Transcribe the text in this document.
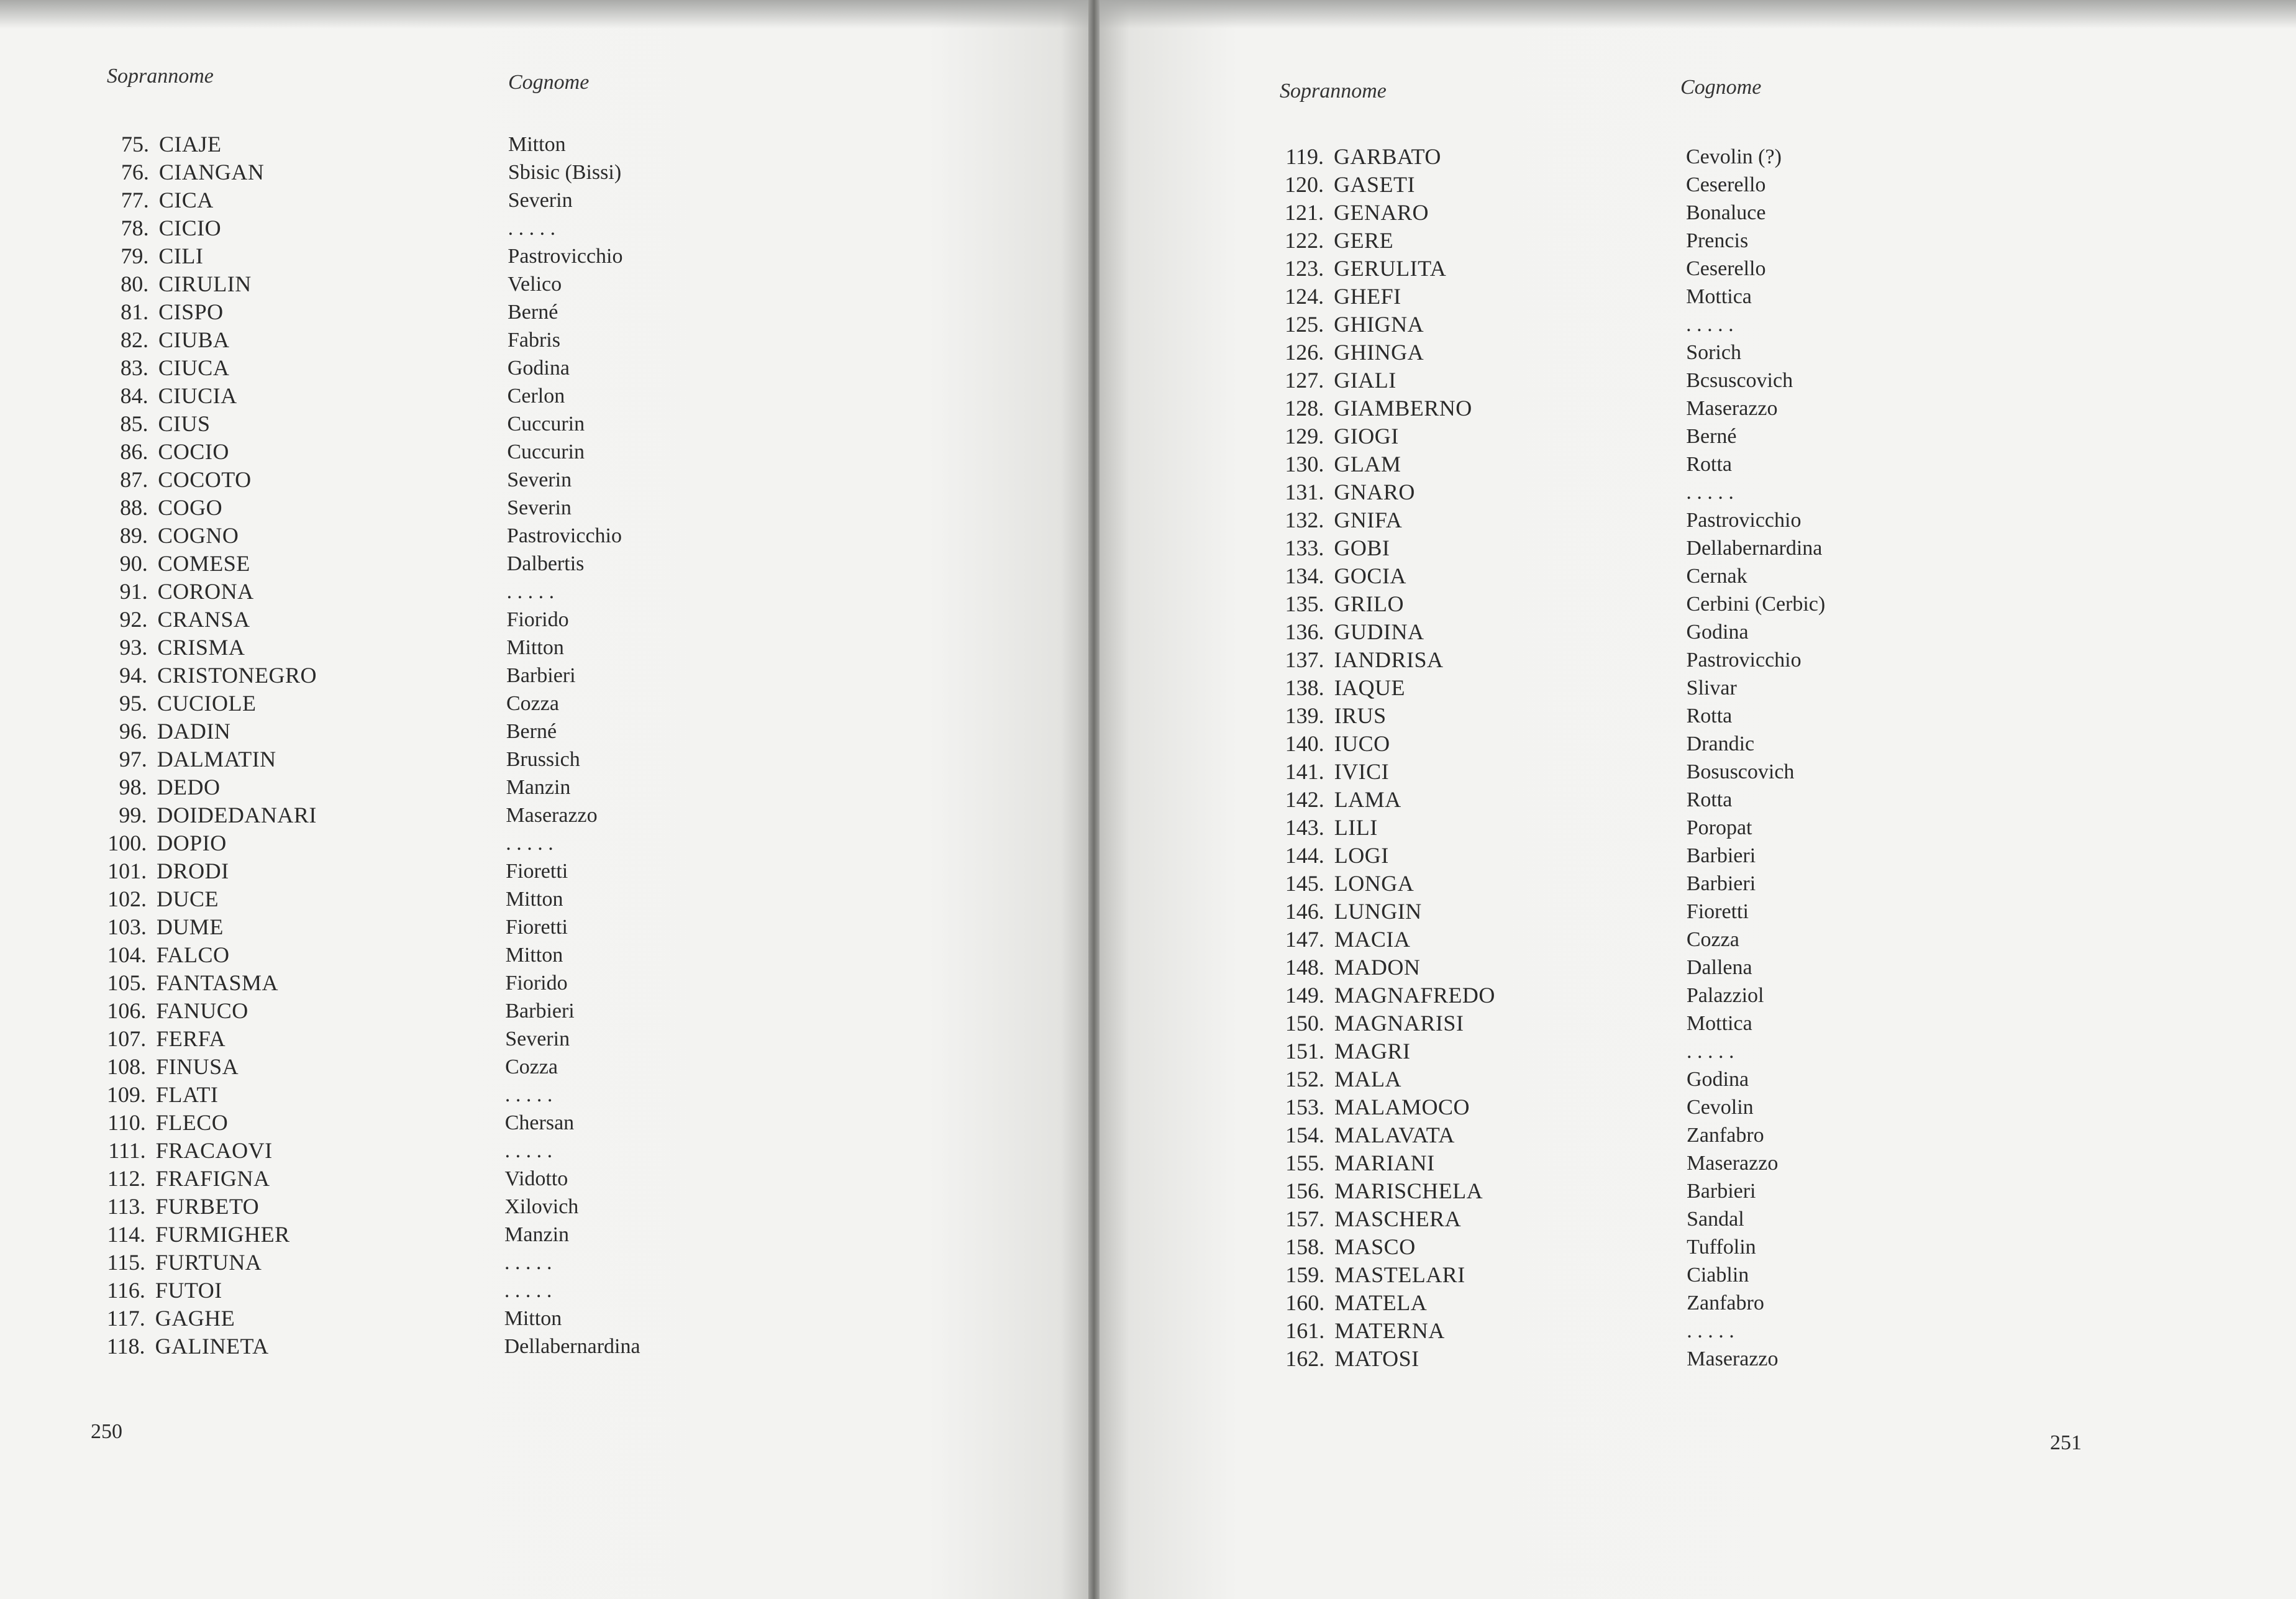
Soprannome	Cognome
75. CIAJE	Mitton
76. CIANGAN	Sbisic (Bissi)
77. CICA	Severin
78. CICIO	. . . . .
79. CILI	Pastrovicchio
80. CIRULIN	Velico
81. CISPO	Berné
82. CIUBA	Fabris
83. CIUCA	Godina
84. CIUCIA	Cerlon
85. CIUS	Cuccurin
86. COCIO	Cuccurin
87. COCOTO	Severin
88. COGO	Severin
89. COGNO	Pastrovicchio
90. COMESE	Dalbertis
91. CORONA	. . . . .
92. CRANSA	Fiorido
93. CRISMA	Mitton
94. CRISTONEGRO	Barbieri
95. CUCIOLE	Cozza
96. DADIN	Berné
97. DALMATIN	Brussich
98. DEDO	Manzin
99. DOIDEDANARI	Maserazzo
100. DOPIO	. . . . .
101. DRODI	Fioretti
102. DUCE	Mitton
103. DUME	Fioretti
104. FALCO	Mitton
105. FANTASMA	Fiorido
106. FANUCO	Barbieri
107. FERFA	Severin
108. FINUSA	Cozza
109. FLATI	. . . . .
110. FLECO	Chersan
111. FRACAOVI	. . . . .
112. FRAFIGNA	Vidotto
113. FURBETO	Xilovich
114. FURMIGHER	Manzin
115. FURTUNA	. . . . .
116. FUTOI	. . . . .
117. GAGHE	Mitton
118. GALINETA	Dellabernardina
250
Soprannome	Cognome
119. GARBATO	Cevolin (?)
120. GASETI	Ceserello
121. GENARO	Bonaluce
122. GERE	Prencis
123. GERULITA	Ceserello
124. GHEFI	Mottica
125. GHIGNA	. . . . .
126. GHINGA	Sorich
127. GIALI	Bcsuscovich
128. GIAMBERNO	Maserazzo
129. GIOGI	Berné
130. GLAM	Rotta
131. GNARO	. . . . .
132. GNIFA	Pastrovicchio
133. GOBI	Dellabernardina
134. GOCIA	Cernak
135. GRILO	Cerbini (Cerbic)
136. GUDINA	Godina
137. IANDRISA	Pastrovicchio
138. IAQUE	Slivar
139. IRUS	Rotta
140. IUCO	Drandic
141. IVICI	Bosuscovich
142. LAMA	Rotta
143. LILI	Poropat
144. LOGI	Barbieri
145. LONGA	Barbieri
146. LUNGIN	Fioretti
147. MACIA	Cozza
148. MADON	Dallena
149. MAGNAFREDO	Palazziol
150. MAGNARISI	Mottica
151. MAGRI	. . . . .
152. MALA	Godina
153. MALAMOCO	Cevolin
154. MALAVATA	Zanfabro
155. MARIANI	Maserazzo
156. MARISCHELA	Barbieri
157. MASCHERA	Sandal
158. MASCO	Tuffolin
159. MASTELARI	Ciablin
160. MATELA	Zanfabro
161. MATERNA	. . . . .
162. MATOSI	Maserazzo
251
